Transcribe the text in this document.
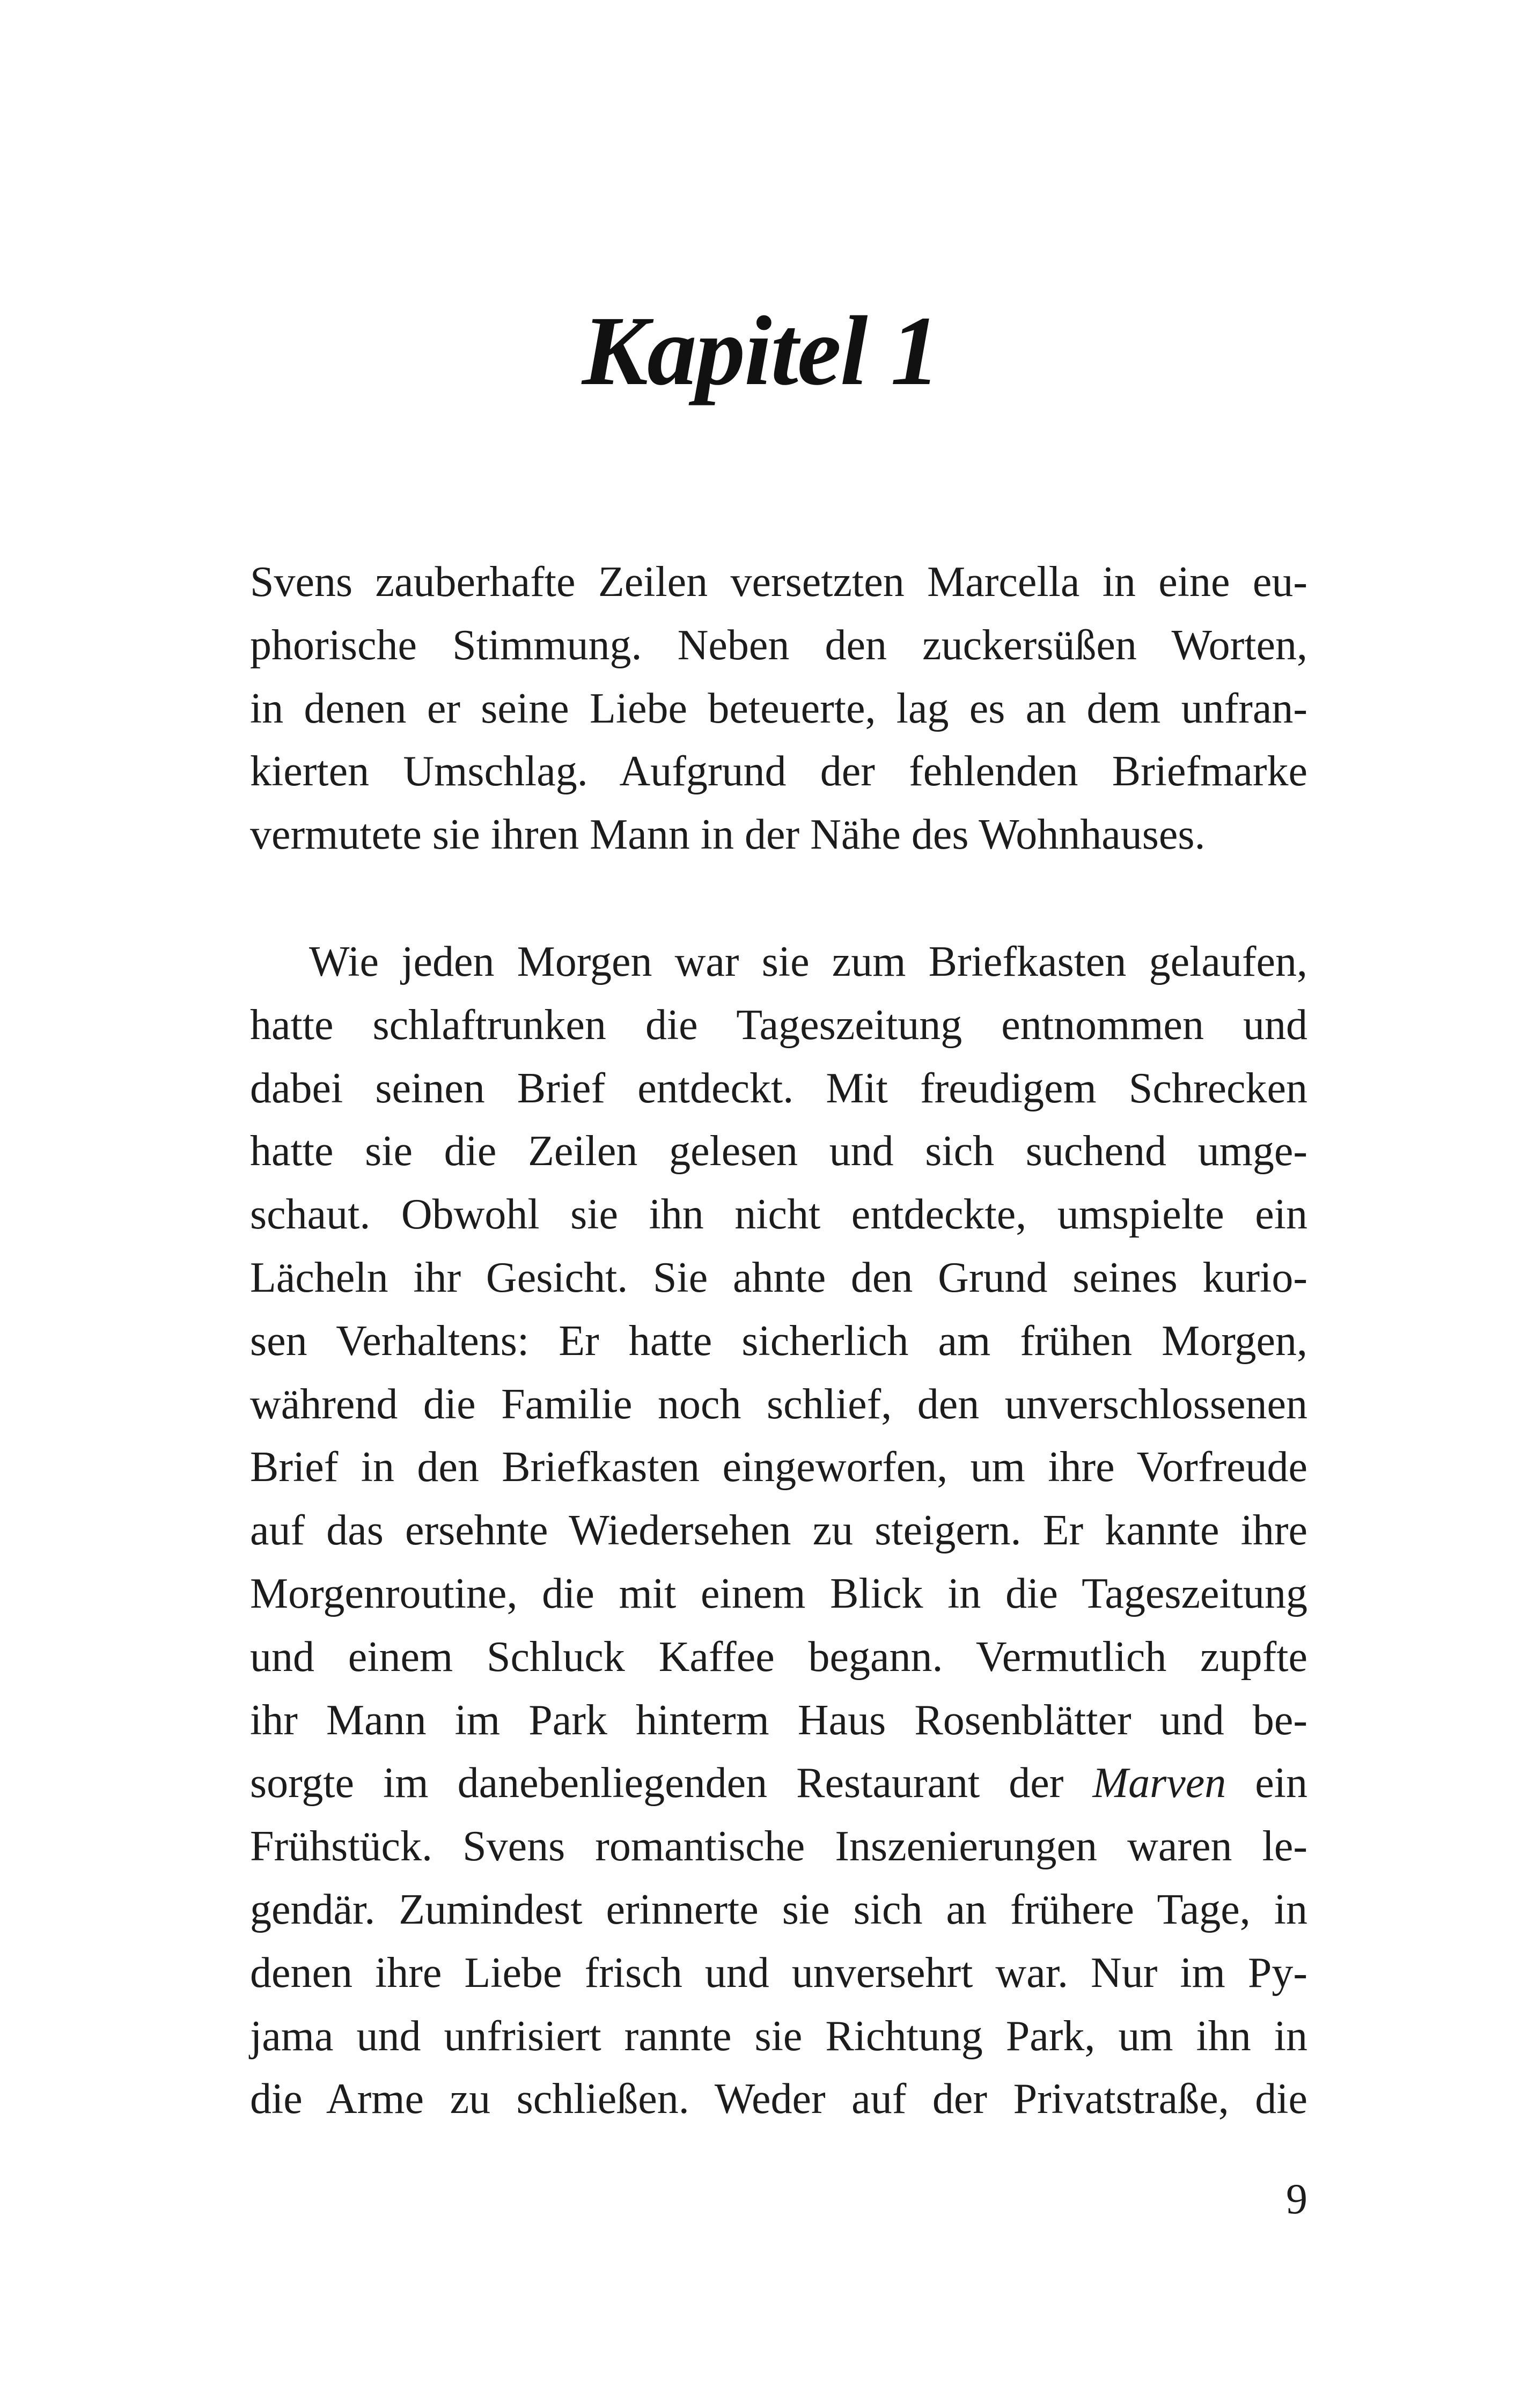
Kapitel 1
Svens zauberhafte Zeilen versetzten Marcella in eine eu-
phorische Stimmung. Neben den zuckersüßen Worten,
in denen er seine Liebe beteuerte, lag es an dem unfran-
kierten Umschlag. Aufgrund der fehlenden Briefmarke
vermutete sie ihren Mann in der Nähe des Wohnhauses.
Wie jeden Morgen war sie zum Briefkasten gelaufen,
hatte schlaftrunken die Tageszeitung entnommen und
dabei seinen Brief entdeckt. Mit freudigem Schrecken
hatte sie die Zeilen gelesen und sich suchend umge-
schaut. Obwohl sie ihn nicht entdeckte, umspielte ein
Lächeln ihr Gesicht. Sie ahnte den Grund seines kurio-
sen Verhaltens: Er hatte sicherlich am frühen Morgen,
während die Familie noch schlief, den unverschlossenen
Brief in den Briefkasten eingeworfen, um ihre Vorfreude
auf das ersehnte Wiedersehen zu steigern. Er kannte ihre
Morgenroutine, die mit einem Blick in die Tageszeitung
und einem Schluck Kaffee begann. Vermutlich zupfte
ihr Mann im Park hinterm Haus Rosenblätter und be-
sorgte im danebenliegenden Restaurant der Marven ein
Frühstück. Svens romantische Inszenierungen waren le-
gendär. Zumindest erinnerte sie sich an frühere Tage, in
denen ihre Liebe frisch und unversehrt war. Nur im Py-
jama und unfrisiert rannte sie Richtung Park, um ihn in
die Arme zu schließen. Weder auf der Privatstraße, die
9
